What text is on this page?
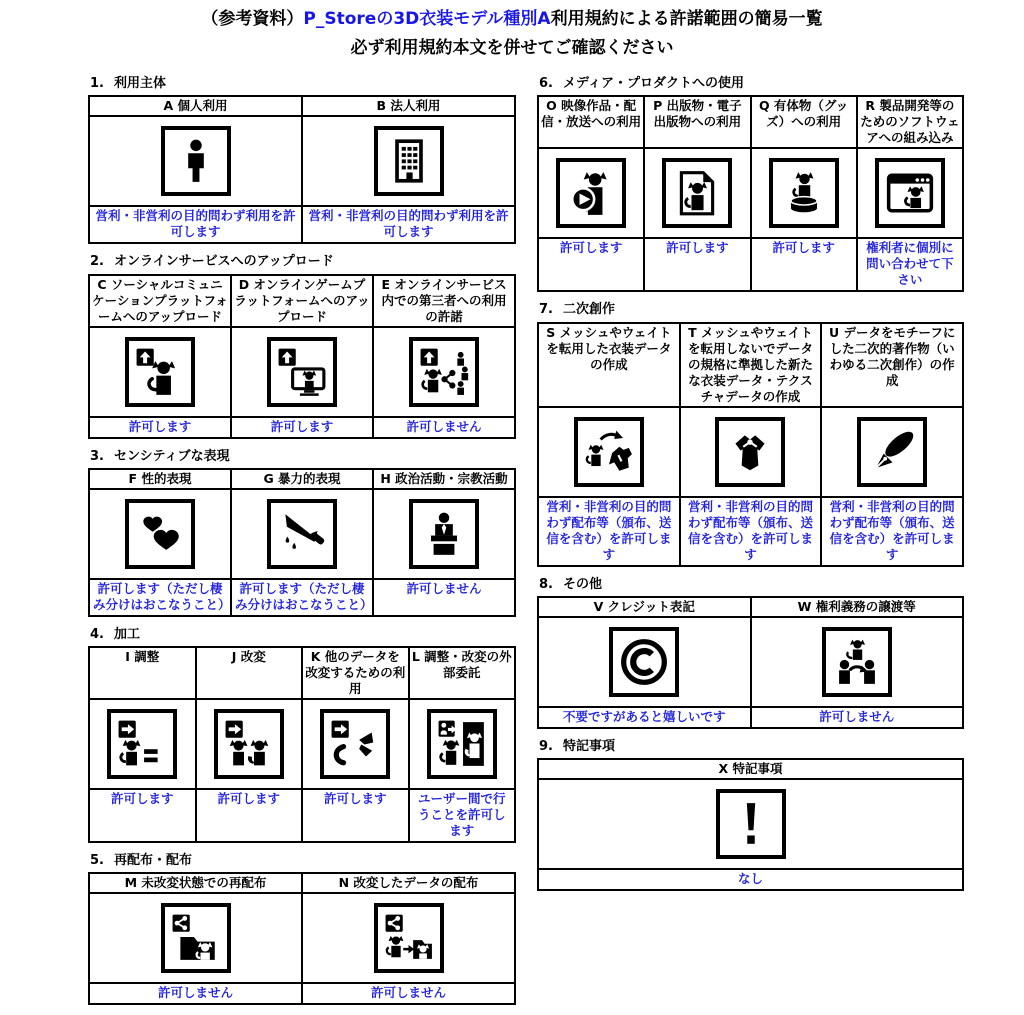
（参考資料）P_Storeの3D衣装モデル種別A利用規約による許諾範囲の簡易一覧
必ず利用規約本文を併せてご確認ください
1. 利用主体
A 個人利用	B 法人利用

営利・非営利の目的問わず利用を許可します	営利・非営利の目的問わず利用を許可します
2. オンラインサービスへのアップロード
C ソーシャルコミュニケーションプラットフォームへのアップロード	D オンラインゲームプラットフォームへのアップロード	E オンラインサービス内での第三者への利用の許諾

許可します	許可します	許可しません
3. センシティブな表現
F 性的表現	G 暴力的表現	H 政治活動・宗教活動

許可します（ただし棲み分けはおこなうこと）	許可します（ただし棲み分けはおこなうこと）	許可しません
4. 加工
I 調整	J 改変	K 他のデータを改変するための利用	L 調整・改変の外部委託

許可します	許可します	許可します	ユーザー間で行うことを許可します
5. 再配布・配布
M 未改変状態での再配布	N 改変したデータの配布

許可しません	許可しません
6. メディア・プロダクトへの使用
O 映像作品・配信・放送への利用	P 出版物・電子出版物への利用	Q 有体物（グッズ）への利用	R 製品開発等のためのソフトウェアへの組み込み

許可します	許可します	許可します	権利者に個別に問い合わせて下さい
7. 二次創作
S メッシュやウェイトを転用した衣装データの作成	T メッシュやウェイトを転用しないでデータの規格に準拠した新たな衣装データ・テクスチャデータの作成	U データをモチーフにした二次的著作物（いわゆる二次創作）の作成

営利・非営利の目的問わず配布等（頒布、送信を含む）を許可します	営利・非営利の目的問わず配布等（頒布、送信を含む）を許可します	営利・非営利の目的問わず配布等（頒布、送信を含む）を許可します
8. その他
V クレジット表記	W 権利義務の譲渡等

不要ですがあると嬉しいです	許可しません
9. 特記事項
X 特記事項

なし
